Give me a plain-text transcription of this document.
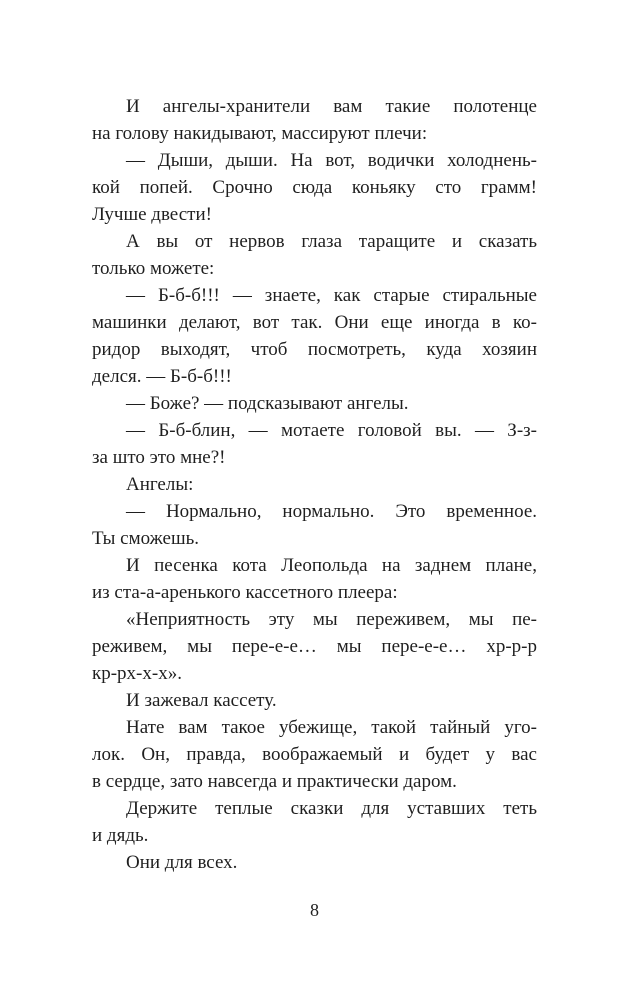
И ангелы-хранители вам такие полотенце
на голову накидывают, массируют плечи:

— Дыши, дыши. На вот, водички холоднень-
кой попей. Срочно сюда коньяку сто грамм!
Лучше двести!

А вы от нервов глаза таращите и сказать
только можете:

— Б-б-б!!! — знаете, как старые стиральные
машинки делают, вот так. Они еще иногда в ко-
ридор выходят, чтоб посмотреть, куда хозяин
делся. — Б-б-б!!!

— Боже? — подсказывают ангелы.

— Б-б-блин, — мотаете головой вы. — З-з-
за што это мне?!

Ангелы:

— Нормально, нормально. Это временное.
Ты сможешь.

И песенка кота Леопольда на заднем плане,
из ста-а-аренького кассетного плеера:

«Неприятность эту мы переживем, мы пе-
реживем, мы пере-е-е… мы пере-е-е… хр-р-р
кр-рх-х-х».

И зажевал кассету.

Нате вам такое убежище, такой тайный уго-
лок. Он, правда, воображаемый и будет у вас
в сердце, зато навсегда и практически даром.

Держите теплые сказки для уставших теть
и дядь.

Они для всех.

8
